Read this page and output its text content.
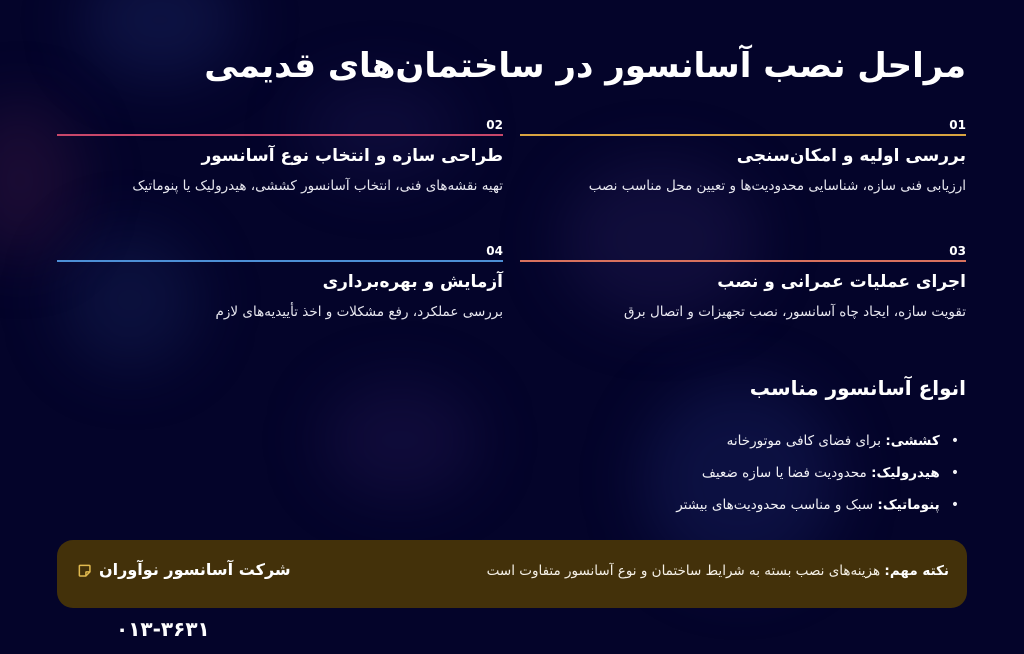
مراحل نصب آسانسور در ساختمان‌های قدیمی
01
بررسی اولیه و امکان‌سنجی
ارزیابی فنی سازه، شناسایی محدودیت‌ها و تعیین محل مناسب نصب
02
طراحی سازه و انتخاب نوع آسانسور
تهیه نقشه‌های فنی، انتخاب آسانسور کششی، هیدرولیک یا پنوماتیک
03
اجرای عملیات عمرانی و نصب
تقویت سازه، ایجاد چاه آسانسور، نصب تجهیزات و اتصال برق
04
آزمایش و بهره‌برداری
بررسی عملکرد، رفع مشکلات و اخذ تأییدیه‌های لازم
انواع آسانسور مناسب
• کششی: برای فضای کافی موتورخانه
• هیدرولیک: محدودیت فضا یا سازه ضعیف
• پنوماتیک: سبک و مناسب محدودیت‌های بیشتر
نکته مهم: هزینه‌های نصب بسته به شرایط ساختمان و نوع آسانسور متفاوت است
شرکت آسانسور نوآوران
۰۱۳-۳۶۳۱
